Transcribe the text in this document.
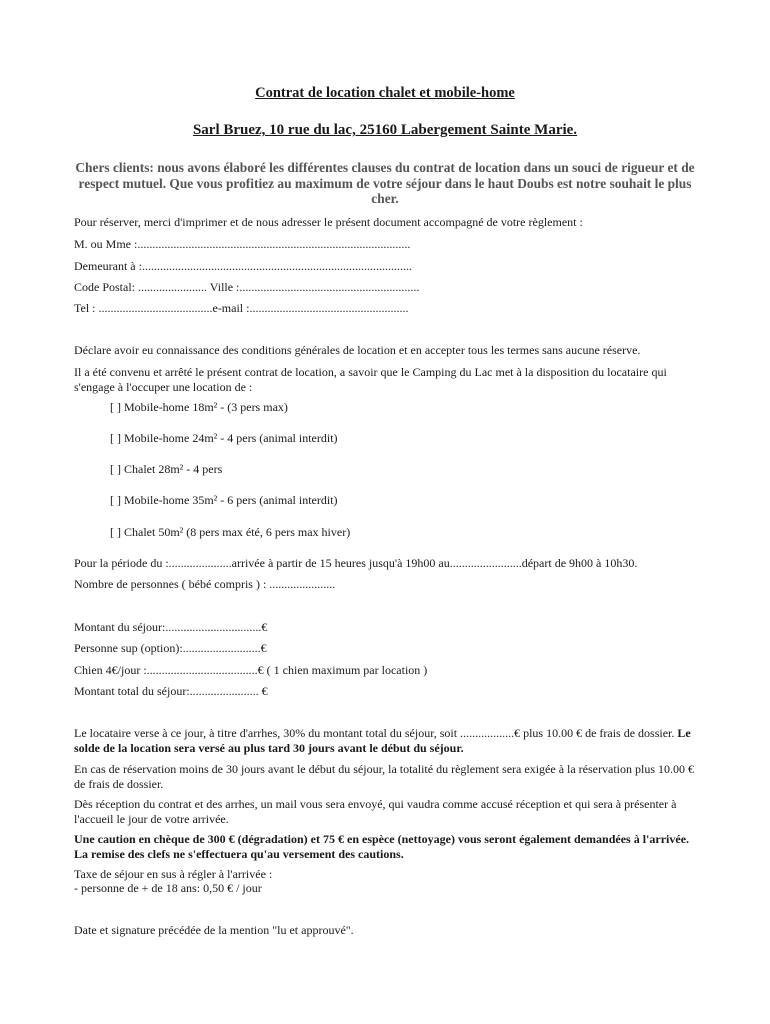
Contrat de location chalet et mobile-home
Sarl Bruez, 10 rue du lac, 25160 Labergement Sainte Marie.
Chers clients: nous avons élaboré les différentes clauses du contrat de location dans un souci de rigueur et de respect mutuel. Que vous profitiez au maximum de votre séjour dans le haut Doubs est notre souhait le plus cher.

Pour réserver, merci d'imprimer et de nous adresser le présent document accompagné de votre règlement :

M. ou Mme :...........................................................................................

Demeurant à :..........................................................................................

Code Postal: ....................... Ville :............................................................

Tel : ......................................e-mail :.....................................................

Déclare avoir eu connaissance des conditions générales de location et en accepter tous les termes sans aucune réserve.

Il a été convenu et arrêté le présent contrat de location, a savoir que le Camping du Lac met à la disposition du locataire qui s'engage à l'occuper une location de :

[ ] Mobile-home 18m² - (3 pers max)
[ ] Mobile-home 24m² - 4 pers (animal interdit)
[ ] Chalet 28m² - 4 pers
[ ] Mobile-home 35m² - 6 pers (animal interdit)
[ ] Chalet 50m² (8 pers max été, 6 pers max hiver)

Pour la période du :.....................arrivée à partir de 15 heures jusqu'à 19h00 au........................départ de 9h00 à 10h30.

Nombre de personnes ( bébé compris ) : ......................

Montant du séjour:................................€

Personne sup (option):..........................€

Chien 4€/jour :.....................................€ ( 1 chien maximum par location )

Montant total du séjour:....................... €

Le locataire verse à ce jour, à titre d'arrhes, 30% du montant total du séjour, soit ..................€ plus 10.00 € de frais de dossier. Le solde de la location sera versé au plus tard 30 jours avant le début du séjour.

En cas de réservation moins de 30 jours avant le début du séjour, la totalité du règlement sera exigée à la réservation plus 10.00 € de frais de dossier.

Dès réception du contrat et des arrhes, un mail vous sera envoyé, qui vaudra comme accusé réception et qui sera à présenter à l'accueil le jour de votre arrivée.

Une caution en chèque de 300 € (dégradation) et 75 € en espèce (nettoyage) vous seront également demandées à l'arrivée. La remise des clefs ne s'effectuera qu'au versement des cautions.

Taxe de séjour en sus à régler à l'arrivée :

- personne de + de 18 ans: 0,50 € / jour

Date et signature précédée de la mention "lu et approuvé".
